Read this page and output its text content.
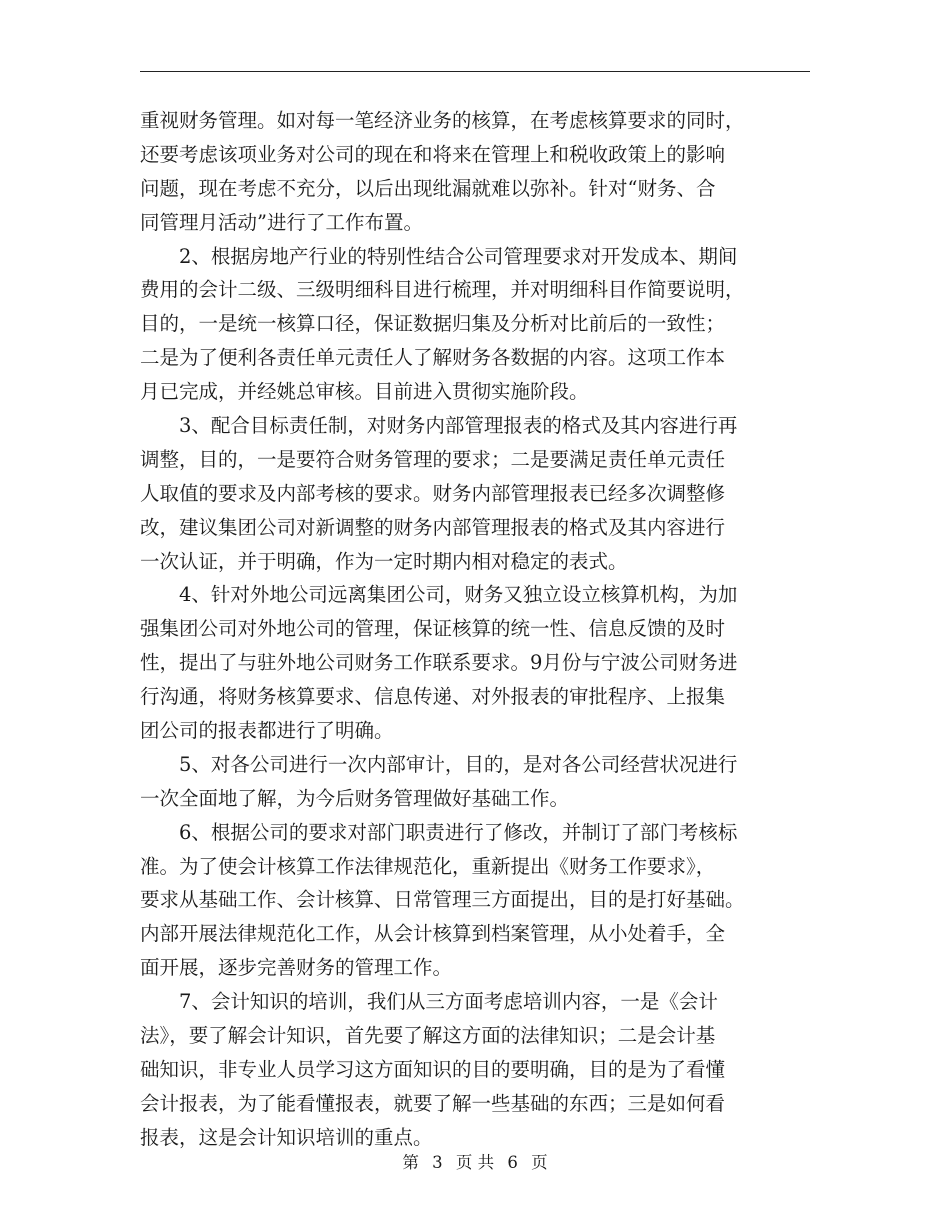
重视财务管理。如对每一笔经济业务的核算，在考虑核算要求的同时，
还要考虑该项业务对公司的现在和将来在管理上和税收政策上的影响
问题，现在考虑不充分，以后出现纰漏就难以弥补。针对“财务、合
同管理月活动”进行了工作布置。
2、根据房地产行业的特别性结合公司管理要求对开发成本、期间
费用的会计二级、三级明细科目进行梳理，并对明细科目作简要说明，
目的，一是统一核算口径，保证数据归集及分析对比前后的一致性；
二是为了便利各责任单元责任人了解财务各数据的内容。这项工作本
月已完成，并经姚总审核。目前进入贯彻实施阶段。
3、配合目标责任制，对财务内部管理报表的格式及其内容进行再
调整，目的，一是要符合财务管理的要求；二是要满足责任单元责任
人取值的要求及内部考核的要求。财务内部管理报表已经多次调整修
改，建议集团公司对新调整的财务内部管理报表的格式及其内容进行
一次认证，并于明确，作为一定时期内相对稳定的表式。
4、针对外地公司远离集团公司，财务又独立设立核算机构，为加
强集团公司对外地公司的管理，保证核算的统一性、信息反馈的及时
性，提出了与驻外地公司财务工作联系要求。9月份与宁波公司财务进
行沟通，将财务核算要求、信息传递、对外报表的审批程序、上报集
团公司的报表都进行了明确。
5、对各公司进行一次内部审计，目的，是对各公司经营状况进行
一次全面地了解，为今后财务管理做好基础工作。
6、根据公司的要求对部门职责进行了修改，并制订了部门考核标
准。为了使会计核算工作法律规范化，重新提出《财务工作要求》，
要求从基础工作、会计核算、日常管理三方面提出，目的是打好基础。
内部开展法律规范化工作，从会计核算到档案管理，从小处着手，全
面开展，逐步完善财务的管理工作。
7、会计知识的培训，我们从三方面考虑培训内容，一是《会计
法》，要了解会计知识，首先要了解这方面的法律知识；二是会计基
础知识，非专业人员学习这方面知识的目的要明确，目的是为了看懂
会计报表，为了能看懂报表，就要了解一些基础的东西；三是如何看
报表，这是会计知识培训的重点。
第 3 页 共 6 页
